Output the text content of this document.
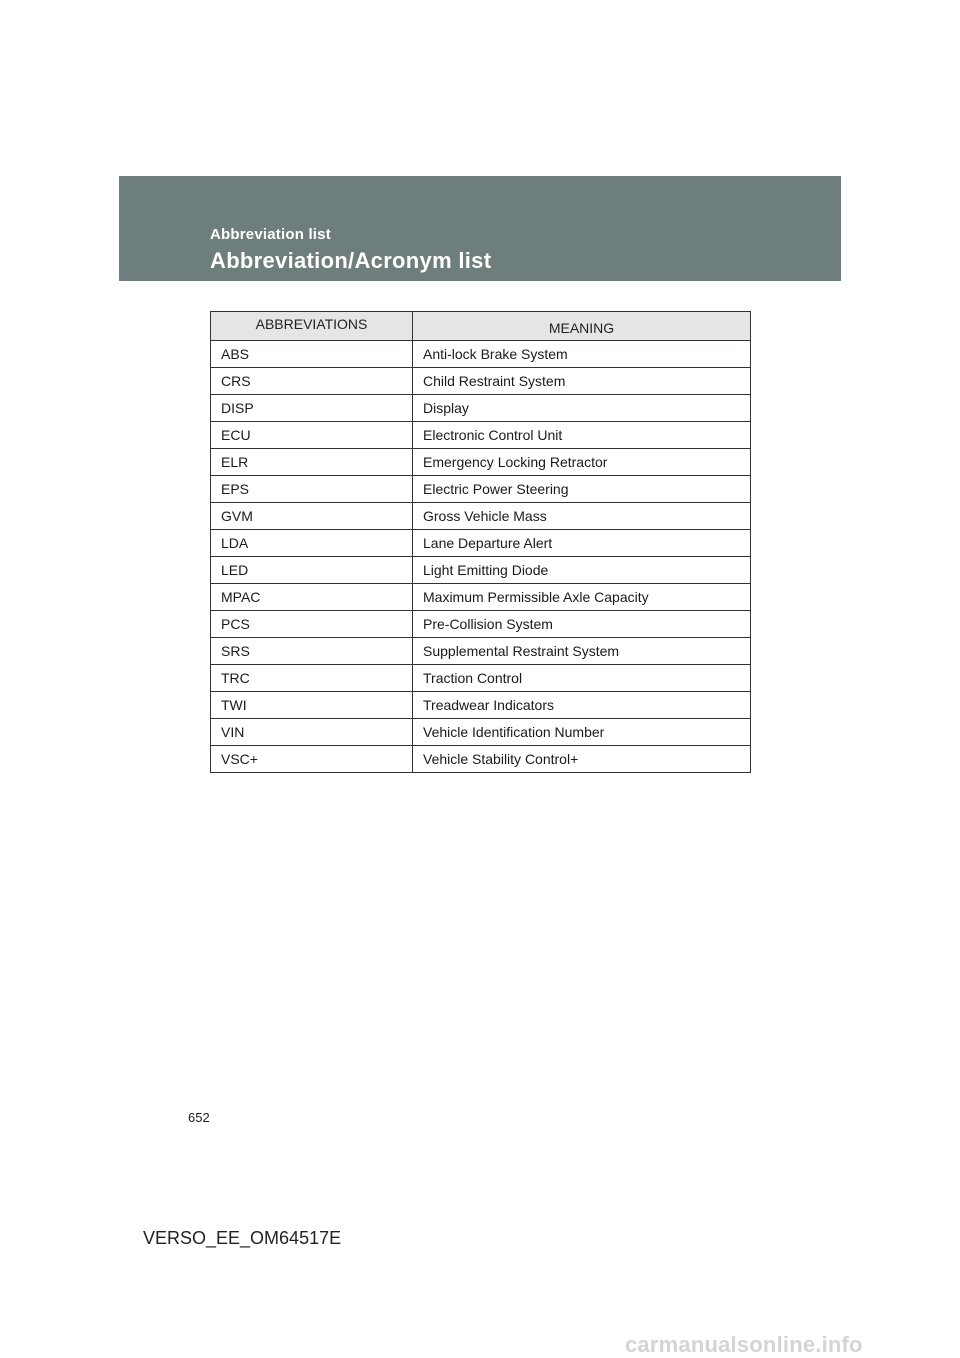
Abbreviation list
Abbreviation/Acronym list
ABBREVIATIONS	MEANING
ABS	Anti-lock Brake System
CRS	Child Restraint System
DISP	Display
ECU	Electronic Control Unit
ELR	Emergency Locking Retractor
EPS	Electric Power Steering
GVM	Gross Vehicle Mass
LDA	Lane Departure Alert
LED	Light Emitting Diode
MPAC	Maximum Permissible Axle Capacity
PCS	Pre-Collision System
SRS	Supplemental Restraint System
TRC	Traction Control
TWI	Treadwear Indicators
VIN	Vehicle Identification Number
VSC+	Vehicle Stability Control+
652
VERSO_EE_OM64517E
carmanualsonline.info
